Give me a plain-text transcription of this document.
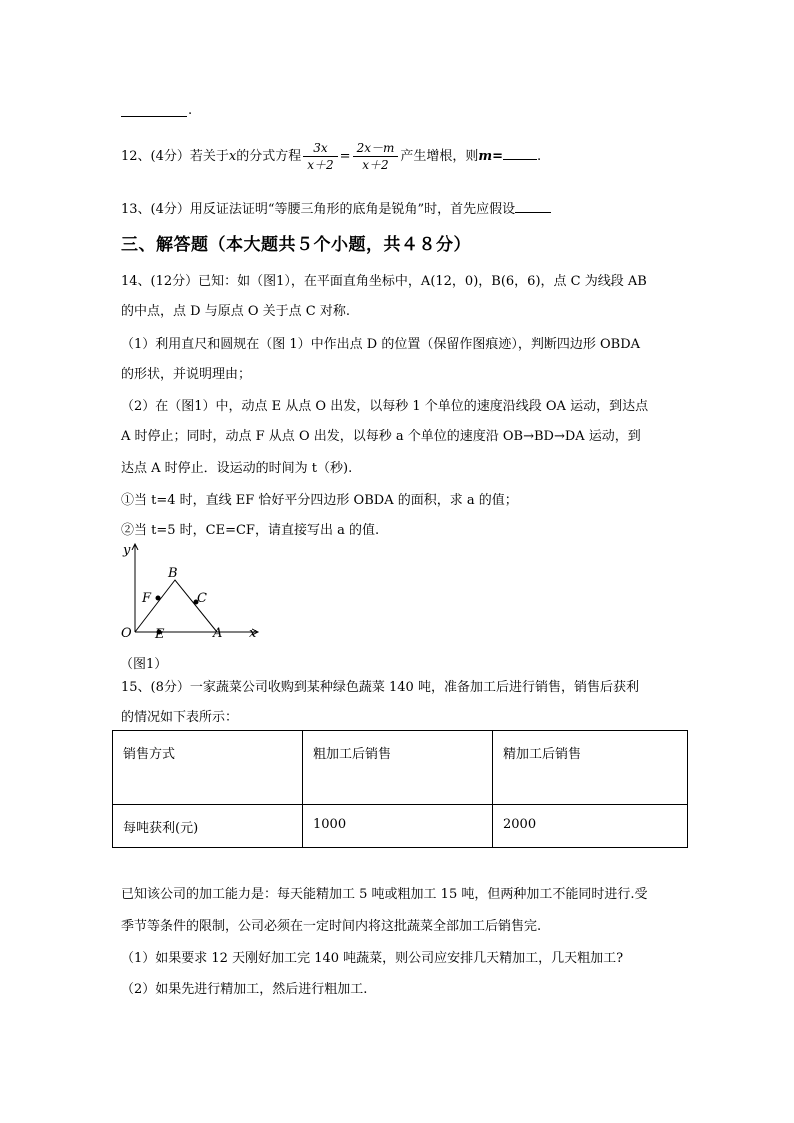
.
12、(4分）若关于x的分式方程 $\frac{3x}{x+2} = \frac{2x-m}{x+2}$ 产生增根，则m=	.
13、(4分）用反证法证明“等腰三角形的底角是锐角”时，首先应假设
三、解答题（本大题共５个小题，共４８分）
14、(12分）已知：如（图1），在平面直角坐标中，A(12，0)，B(6，6)，点 C 为线段 AB
的中点，点 D 与原点 O 关于点 C 对称.
（1）利用直尺和圆规在（图 1）中作出点 D 的位置（保留作图痕迹），判断四边形 OBDA
的形状，并说明理由；
（2）在（图1）中，动点 E 从点 O 出发，以每秒 1 个单位的速度沿线段 OA 运动，到达点
A 时停止；同时，动点 F 从点 O 出发，以每秒 a 个单位的速度沿 OB→BD→DA 运动，到
达点 A 时停止．设运动的时间为 t（秒).
①当 t=4 时，直线 EF 恰好平分四边形 OBDA 的面积，求 a 的值；
②当 t=5 时，CE=CF，请直接写出 a 的值.
y
x
O E	A
B
F	C
（图1）
15、(8分）一家蔬菜公司收购到某种绿色蔬菜 140 吨，准备加工后进行销售，销售后获利
的情况如下表所示：
销售方式	粗加工后销售	精加工后销售
每吨获利(元)	1000	2000
已知该公司的加工能力是：每天能精加工 5 吨或粗加工 15 吨，但两种加工不能同时进行.受
季节等条件的限制，公司必须在一定时间内将这批蔬菜全部加工后销售完.
（1）如果要求 12 天刚好加工完 140 吨蔬菜，则公司应安排几天精加工，几天粗加工?
（2）如果先进行精加工，然后进行粗加工.
